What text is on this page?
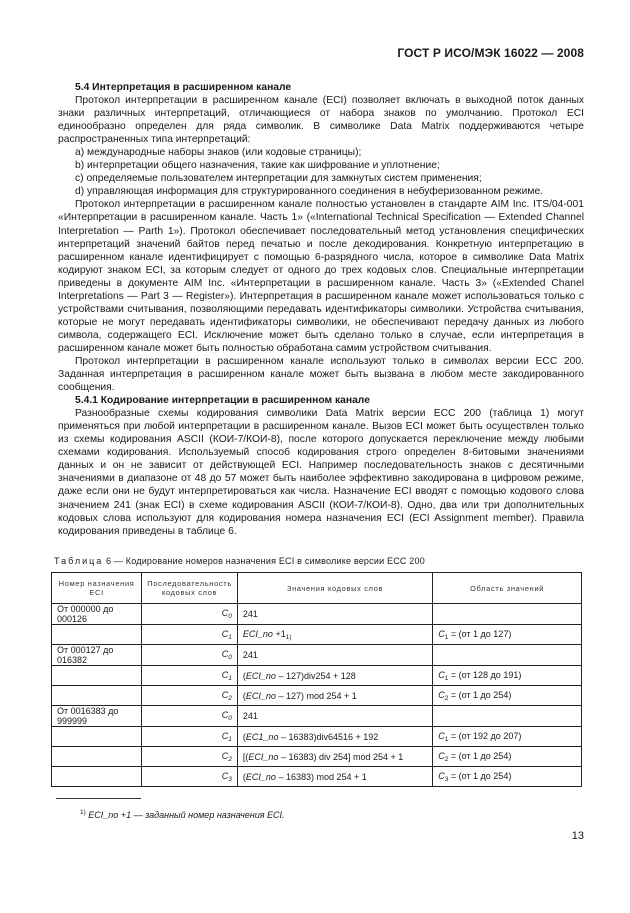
ГОСТ Р ИСО/МЭК 16022 — 2008

5.4 Интерпретация в расширенном канале

Протокол интерпретации в расширенном канале (ECI) позволяет включать в выходной поток данных знаки различных интерпретаций, отличающиеся от набора знаков по умолчанию. Протокол ECI единообразно определен для ряда символик. В символике Data Matrix поддерживаются четыре распространенных типа интерпретаций:

а) международные наборы знаков (или кодовые страницы);

b) интерпретации общего назначения, такие как шифрование и уплотнение;

с) определяемые пользователем интерпретации для замкнутых систем применения;

d) управляющая информация для структурированного соединения в небуферизованном режиме.

Протокол интерпретации в расширенном канале полностью установлен в стандарте AIM Inc. ITS/04-001 «Интерпретации в расширенном канале. Часть 1» («International Technical Specification — Extended Channel Interpretation — Parth 1»). Протокол обеспечивает последовательный метод установления специфических интерпретаций значений байтов перед печатью и после декодирования. Конкретную интерпретацию в расширенном канале идентифицирует с помощью 6-разрядного числа, которое в символике Data Matrix кодируют знаком ECI, за которым следует от одного до трех кодовых слов. Специальные интерпретации приведены в документе AIM Inc. «Интерпретации в расширенном канале. Часть 3» («Extended Chanel Interpretations — Part 3 — Register»). Интерпретация в расширенном канале может использоваться только с устройствами считывания, позволяющими передавать идентификаторы символики. Устройства считывания, которые не могут передавать идентификаторы символики, не обеспечивают передачу данных из любого символа, содержащего ECI. Исключение может быть сделано только в случае, если интерпретация в расширенном канале может быть полностью обработана самим устройством считывания.

Протокол интерпретации в расширенном канале используют только в символах версии ECC 200. Заданная интерпретация в расширенном канале может быть вызвана в любом месте закодированного сообщения.

5.4.1 Кодирование интерпретации в расширенном канале

Разнообразные схемы кодирования символики Data Matrix версии ECC 200 (таблица 1) могут применяться при любой интерпретации в расширенном канале. Вызов ECI может быть осуществлен только из схемы кодирования ASCII (КОИ-7/КОИ-8), после которого допускается переключение между любыми схемами кодирования. Используемый способ кодирования строго определен 8-битовыми значениями данных и он не зависит от действующей ECI. Например последовательность знаков с десятичными значениями в диапазоне от 48 до 57 может быть наиболее эффективно закодирована в цифровом режиме, даже если они не будут интерпретироваться как числа. Назначение ECI вводят с помощью кодового слова значением 241 (знак ECI) в схеме кодирования ASCII (КОИ-7/КОИ-8). Одно, два или три дополнительных кодовых слова используют для кодирования номера назначения ECI (ECI Assignment member). Правила кодирования приведены в таблице 6.

Таблица 6 — Кодирование номеров назначения ECI в символике версии ECC 200
Номер назначения ECI	Последовательность кодовых слов	Значения кодовых слов	Область значений
От 000000 до 000126	$C_0$	241	
	$C_1$	ECI_no $+1^{1)}$	$C_1 = (от$ 1 до 127)
От 000127 до 016382	$C_0$	241	
	$C_1$	(ECI_no – 127)div254 + 128	$C_1 = (от$ 128 до 191)
	$C_2$	(ECI_no – 127) mod 254 + 1	$C_2 = (от$ 1 до 254)
От 0016383 до 999999	$C_0$	241	
	$C_1$	(EC1_no – 16383)div64516 + 192	$C_1 = (от$ 192 до 207)
	$C_2$	[(ECI_no – 16383) div 254] mod 254 + 1	$C_2 = (от$ 1 до 254)
	$C_3$	(ECI_no – 16383) mod 254 + 1	$C_3 = (от$ 1 до 254)
$^{1)}$ ECI_no +1 — заданный номер назначения ECI.
13
